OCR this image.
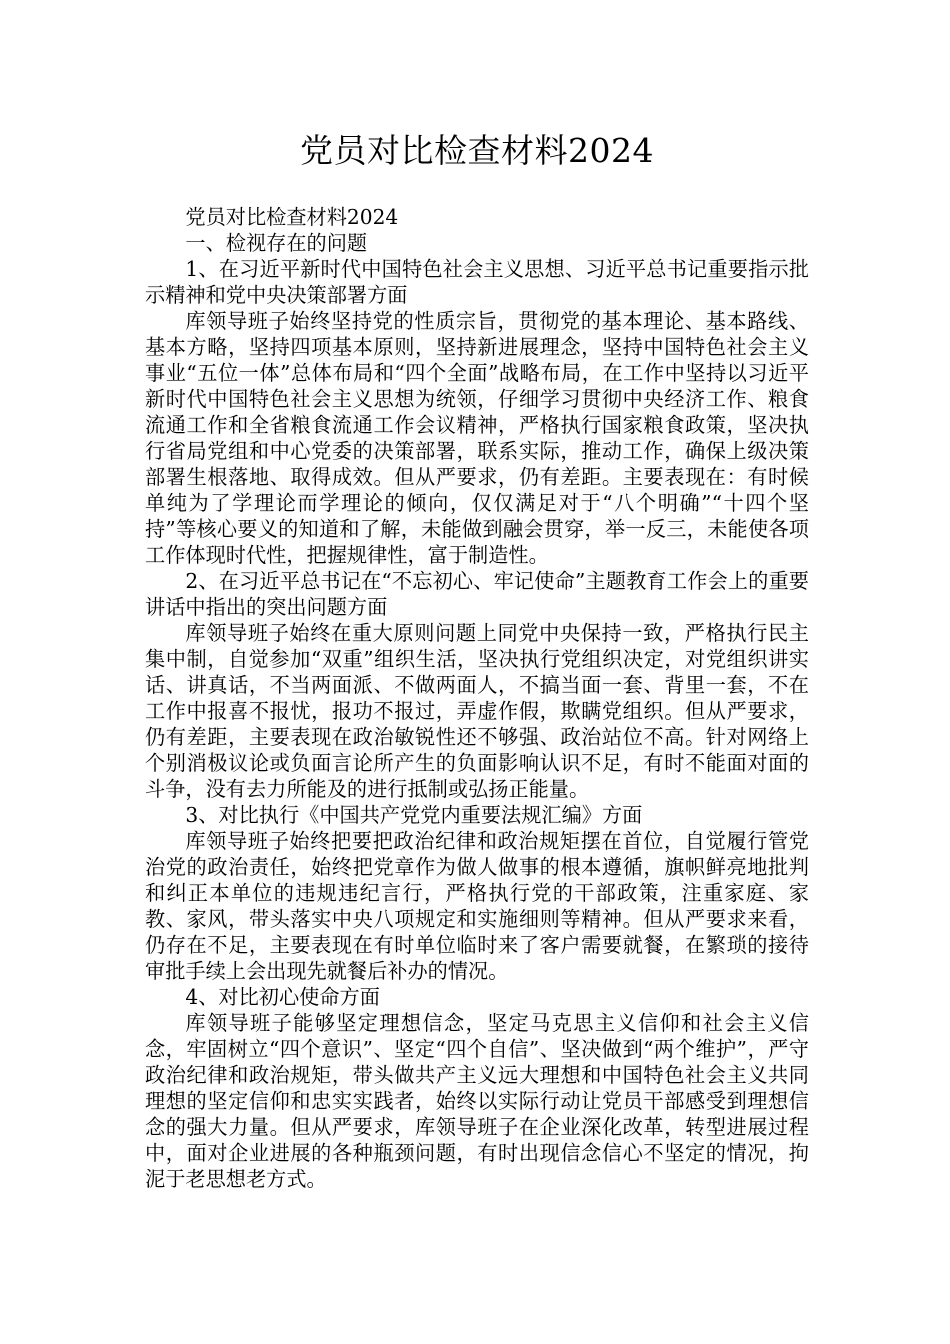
党员对比检查材料2024

党员对比检查材料2024

一、检视存在的问题

1、在习近平新时代中国特色社会主义思想、习近平总书记重要指示批示精神和党中央决策部署方面

库领导班子始终坚持党的性质宗旨，贯彻党的基本理论、基本路线、基本方略，坚持四项基本原则，坚持新进展理念，坚持中国特色社会主义事业“五位一体”总体布局和“四个全面”战略布局，在工作中坚持以习近平新时代中国特色社会主义思想为统领，仔细学习贯彻中央经济工作、粮食流通工作和全省粮食流通工作会议精神，严格执行国家粮食政策，坚决执行省局党组和中心党委的决策部署，联系实际，推动工作，确保上级决策部署生根落地、取得成效。但从严要求，仍有差距。主要表现在：有时候单纯为了学理论而学理论的倾向，仅仅满足对于“八个明确”“十四个坚持”等核心要义的知道和了解，未能做到融会贯穿，举一反三，未能使各项工作体现时代性，把握规律性，富于制造性。

2、在习近平总书记在“不忘初心、牢记使命”主题教育工作会上的重要讲话中指出的突出问题方面

库领导班子始终在重大原则问题上同党中央保持一致，严格执行民主集中制，自觉参加“双重”组织生活，坚决执行党组织决定，对党组织讲实话、讲真话，不当两面派、不做两面人，不搞当面一套、背里一套，不在工作中报喜不报忧，报功不报过，弄虚作假，欺瞒党组织。但从严要求，仍有差距，主要表现在政治敏锐性还不够强、政治站位不高。针对网络上个别消极议论或负面言论所产生的负面影响认识不足，有时不能面对面的斗争，没有去力所能及的进行抵制或弘扬正能量。

3、对比执行《中国共产党党内重要法规汇编》方面

库领导班子始终把要把政治纪律和政治规矩摆在首位，自觉履行管党治党的政治责任，始终把党章作为做人做事的根本遵循，旗帜鲜亮地批判和纠正本单位的违规违纪言行，严格执行党的干部政策，注重家庭、家教、家风，带头落实中央八项规定和实施细则等精神。但从严要求来看，仍存在不足，主要表现在有时单位临时来了客户需要就餐，在繁琐的接待审批手续上会出现先就餐后补办的情况。

4、对比初心使命方面

库领导班子能够坚定理想信念，坚定马克思主义信仰和社会主义信念，牢固树立“四个意识”、坚定“四个自信”、坚决做到“两个维护”，严守政治纪律和政治规矩，带头做共产主义远大理想和中国特色社会主义共同理想的坚定信仰和忠实实践者，始终以实际行动让党员干部感受到理想信念的强大力量。但从严要求，库领导班子在企业深化改革，转型进展过程中，面对企业进展的各种瓶颈问题，有时出现信念信心不坚定的情况，拘泥于老思想老方式。
